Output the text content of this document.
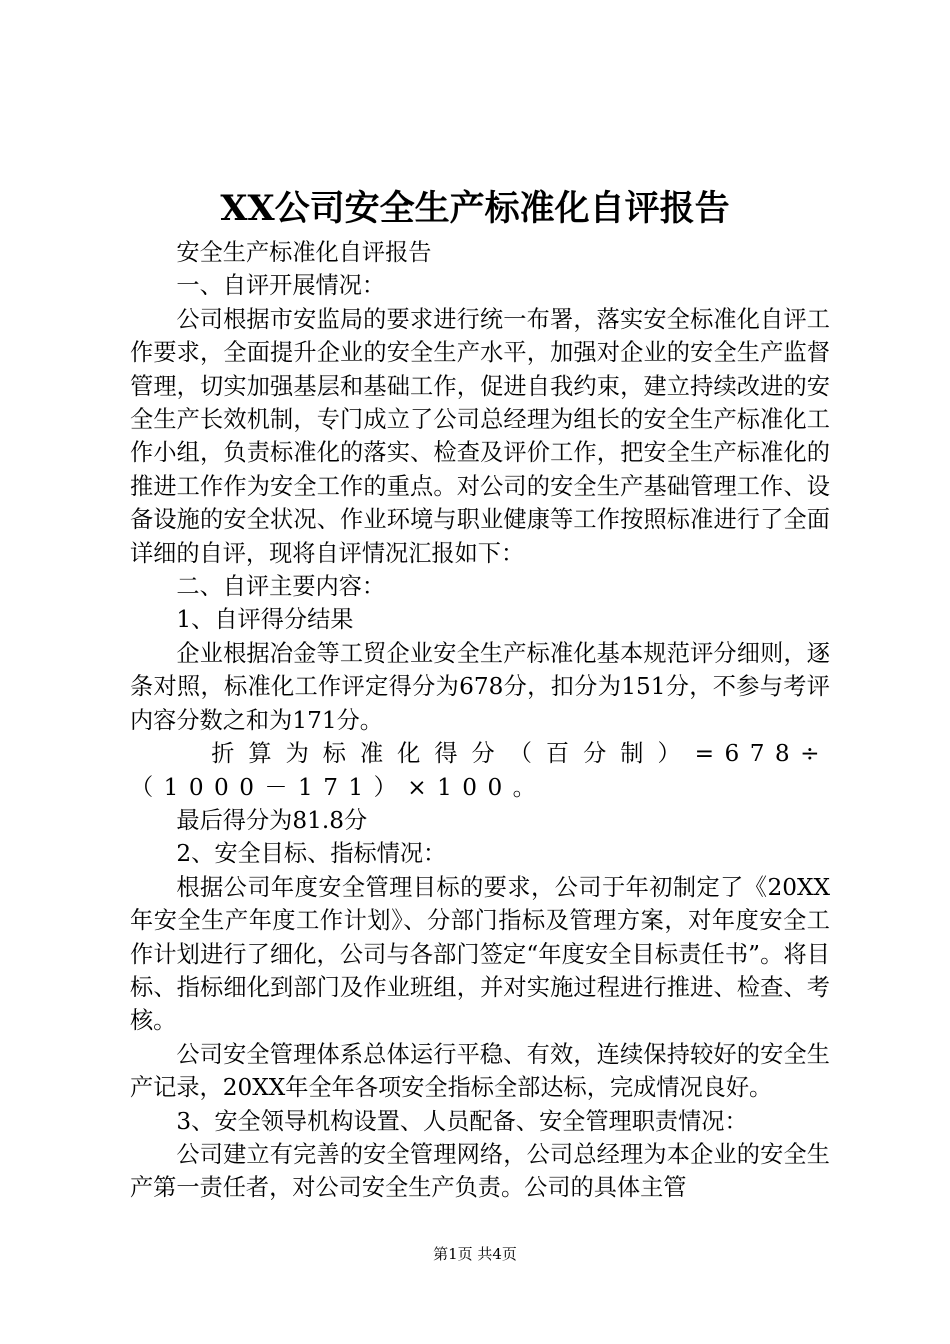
XX公司安全生产标准化自评报告

安全生产标准化自评报告

一、自评开展情况：

公司根据市安监局的要求进行统一布署，落实安全标准化自评工作要求，全面提升企业的安全生产水平，加强对企业的安全生产监督管理，切实加强基层和基础工作，促进自我约束，建立持续改进的安全生产长效机制，专门成立了公司总经理为组长的安全生产标准化工作小组，负责标准化的落实、检查及评价工作，把安全生产标准化的推进工作作为安全工作的重点。对公司的安全生产基础管理工作、设备设施的安全状况、作业环境与职业健康等工作按照标准进行了全面详细的自评，现将自评情况汇报如下：

二、自评主要内容：

1、自评得分结果

企业根据冶金等工贸企业安全生产标准化基本规范评分细则，逐条对照，标准化工作评定得分为678分，扣分为151分，不参与考评内容分数之和为171分。

折算为标准化得分（百分制）=678÷（1000－171）×100。

最后得分为81.8分

2、安全目标、指标情况：

根据公司年度安全管理目标的要求，公司于年初制定了《20XX年安全生产年度工作计划》、分部门指标及管理方案，对年度安全工作计划进行了细化，公司与各部门签定“年度安全目标责任书”。将目标、指标细化到部门及作业班组，并对实施过程进行推进、检查、考核。

公司安全管理体系总体运行平稳、有效，连续保持较好的安全生产记录，20XX年全年各项安全指标全部达标，完成情况良好。

3、安全领导机构设置、人员配备、安全管理职责情况：

公司建立有完善的安全管理网络，公司总经理为本企业的安全生产第一责任者，对公司安全生产负责。公司的具体主管

第1页 共4页
